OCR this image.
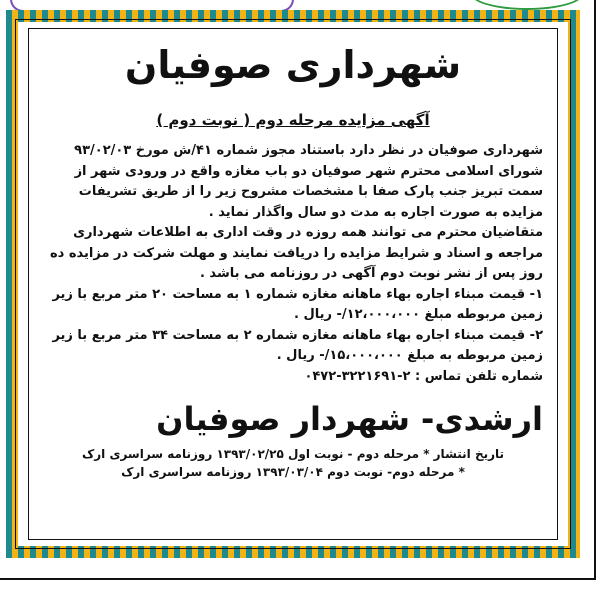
شهرداری صوفیان

آگهی مزایده مرحله دوم ( نوبت دوم )

شهرداری صوفیان در نظر دارد باستناد مجوز شماره ۴۱/ش مورخ ۹۳/۰۲/۰۳ شورای اسلامی محترم شهر صوفیان دو باب مغازه واقع در ورودی شهر از سمت تبریز جنب پارک صفا با مشخصات مشروح زیر را از طریق تشریفات مزایده به صورت اجاره به مدت دو سال واگذار نماید .

متقاضیان محترم می توانند همه روزه در وقت اداری به اطلاعات شهرداری مراجعه و اسناد و شرایط مزایده را دریافت نمایند و مهلت شرکت در مزایده ده روز پس از نشر نوبت دوم آگهی در روزنامه می باشد .

۱- قیمت مبناء اجاره بهاء ماهانه مغازه شماره ۱ به مساحت ۲۰ متر مربع با زیر زمین مربوطه مبلغ ۱۲،۰۰۰،۰۰۰/- ریال .

۲- قیمت مبناء اجاره بهاء ماهانه مغازه شماره ۲ به مساحت ۳۴ متر مربع با زیر زمین مربوطه به مبلغ ۱۵،۰۰۰،۰۰۰/- ریال .

شماره تلفن تماس : ۲-۳۲۲۱۶۹۱-۰۴۷۲

ارشدی- شهردار صوفیان

تاریخ انتشار * مرحله دوم - نوبت اول ۱۳۹۳/۰۲/۲۵ روزنامه سراسری ارک

* مرحله دوم- نوبت دوم ۱۳۹۳/۰۳/۰۴ روزنامه سراسری ارک
